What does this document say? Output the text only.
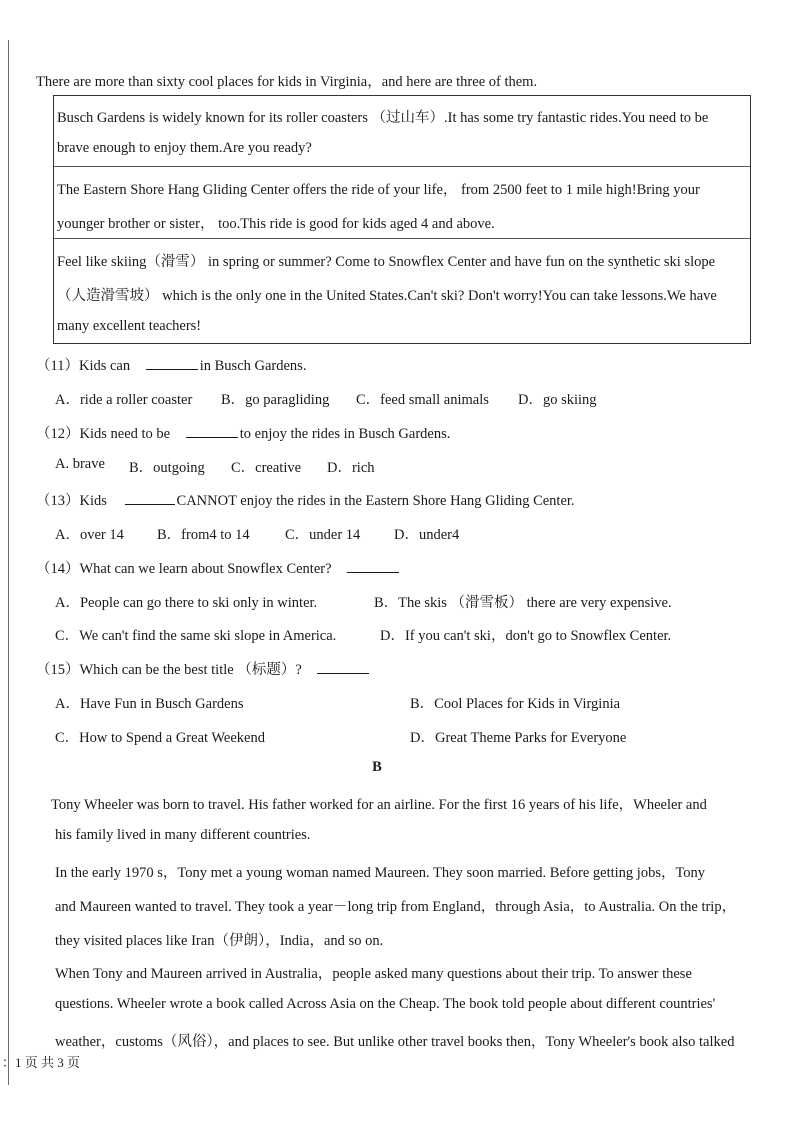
There are more than sixty cool places for kids in Virginia，and here are three of them.
Busch Gardens is widely known for its roller coasters （过山车）.It has some try fantastic rides.You need to be
brave enough to enjoy them.Are you ready?
The Eastern Shore Hang Gliding Center offers the ride of your life， from 2500 feet to 1 mile high!Bring your
younger brother or sister， too.This ride is good for kids aged 4 and above.
Feel like skiing（滑雪） in spring or summer? Come to Snowflex Center and have fun on the synthetic ski slope
（人造滑雪坡） which is the only one in the United States.Can't ski? Don't worry!You can take lessons.We have
many excellent teachers!
（11）Kids can	in Busch Gardens.
A．ride a roller coaster B．go paragliding C．feed small animals D．go skiing
（12）Kids need to be	to enjoy the rides in Busch Gardens.
A. brave B．outgoing C．creative D．rich
（13）Kids	CANNOT enjoy the rides in the Eastern Shore Hang Gliding Center.
A．over 14 B．from4 to 14 C．under 14 D．under4
（14）What can we learn about Snowflex Center?
A．People can go there to ski only in winter.	B．The skis （滑雪板） there are very expensive.
C．We can't find the same ski slope in America.	D．If you can't ski，don't go to Snowflex Center.
（15）Which can be the best title （标题）?
A．Have Fun in Busch Gardens	B．Cool Places for Kids in Virginia
C．How to Spend a Great Weekend	D．Great Theme Parks for Everyone
B
Tony Wheeler was born to travel. His father worked for an airline. For the first 16 years of his life，Wheeler and
his family lived in many different countries.
In the early 1970 s，Tony met a young woman named Maureen. They soon married. Before getting jobs，Tony
and Maureen wanted to travel. They took a year－long trip from England，through Asia，to Australia. On the trip，
they visited places like Iran（伊朗），India，and so on.
When Tony and Maureen arrived in Australia，people asked many questions about their trip. To answer these
questions. Wheeler wrote a book called Across Asia on the Cheap. The book told people about different countries'
weather，customs（风俗），and places to see. But unlike other travel books then，Tony Wheeler's book also talked
：1 页 共 3 页
